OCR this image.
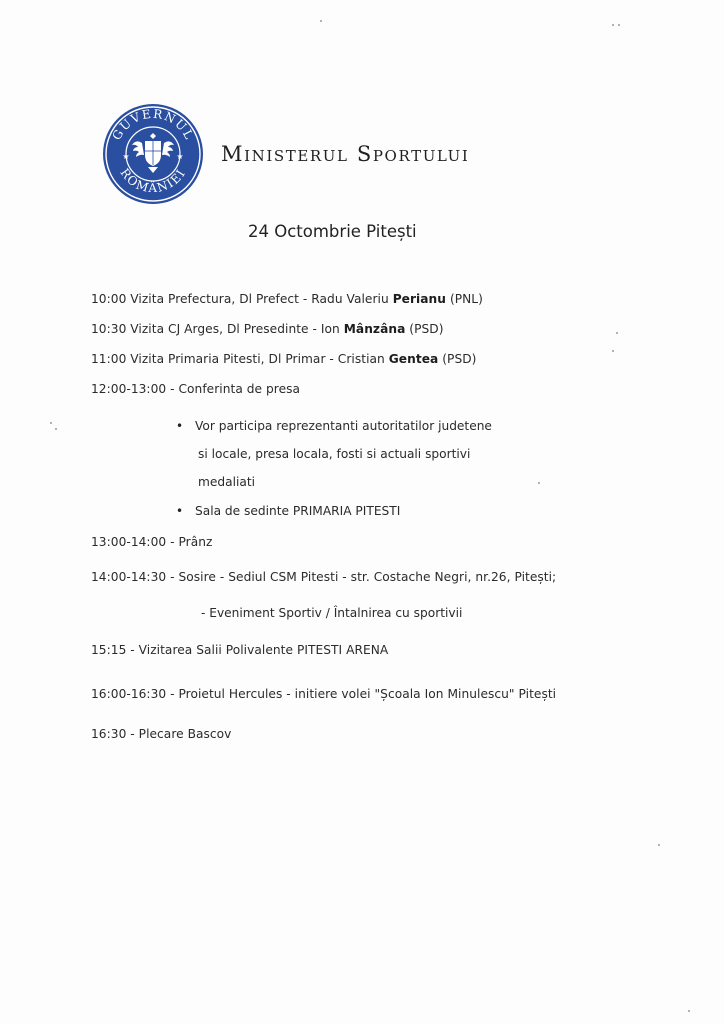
GUVERNUL
ROMÂNIEI
★	★ Ministerul Sportului
24 Octombrie Pitești
10:00 Vizita Prefectura, Dl Prefect - Radu Valeriu Perianu (PNL)
10:30 Vizita CJ Arges, Dl Presedinte - Ion Mânzâna (PSD)
11:00 Vizita Primaria Pitesti, Dl Primar - Cristian Gentea (PSD)
12:00-13:00 - Conferinta de presa
• Vor participa reprezentanti autoritatilor judetene
si locale, presa locala, fosti si actuali sportivi
medaliati
• Sala de sedinte PRIMARIA PITESTI
13:00-14:00 - Prânz
14:00-14:30 - Sosire - Sediul CSM Pitesti - str. Costache Negri, nr.26, Pitești;
- Eveniment Sportiv / Întalnirea cu sportivii
15:15 - Vizitarea Salii Polivalente PITESTI ARENA
16:00-16:30 - Proietul Hercules - initiere volei "Școala Ion Minulescu" Pitești
16:30 - Plecare Bascov
